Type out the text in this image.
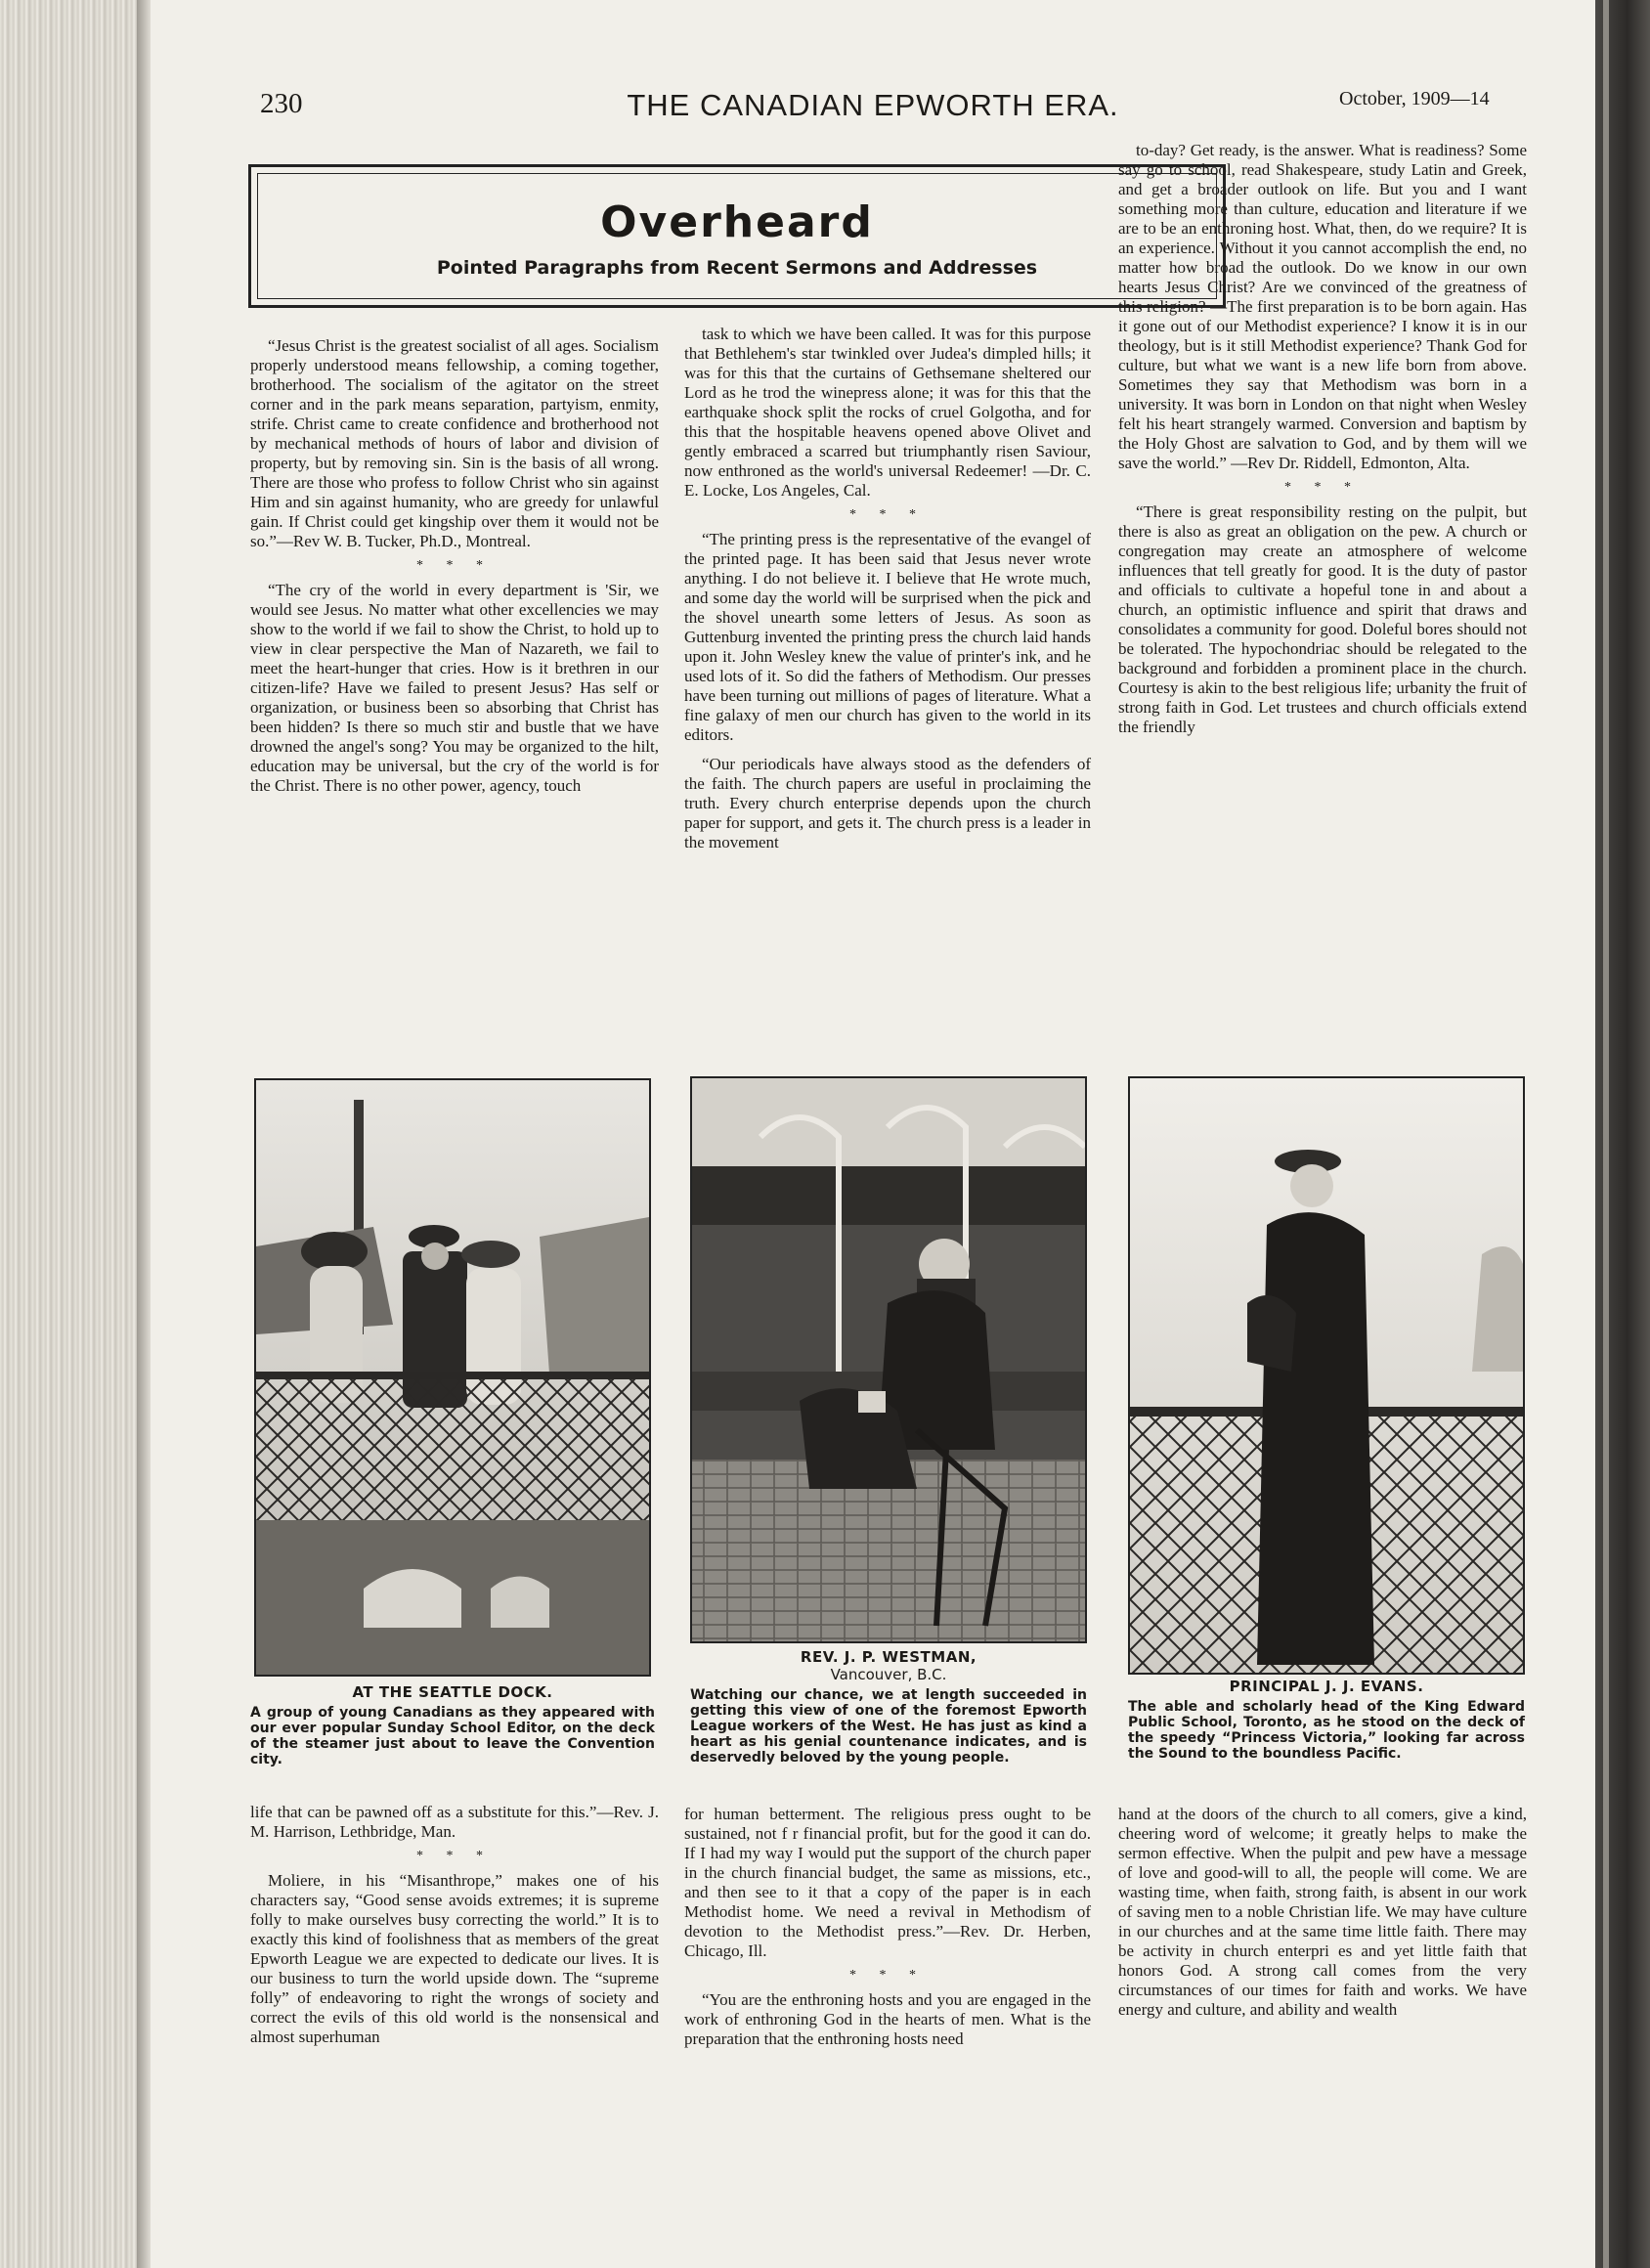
230	THE CANADIAN EPWORTH ERA.	October, 1909—14
Overheard
Pointed Paragraphs from Recent Sermons and Addresses

“Jesus Christ is the greatest socialist of all ages. Socialism properly understood means fellowship, a coming together, brotherhood. The socialism of the agitator on the street corner and in the park means separation, partyism, enmity, strife. Christ came to create confidence and brotherhood not by mechanical methods of hours of labor and division of property, but by removing sin. Sin is the basis of all wrong. There are those who profess to follow Christ who sin against Him and sin against humanity, who are greedy for unlawful gain. If Christ could get kingship over them it would not be so.”—Rev W. B. Tucker, Ph.D., Montreal.

* * *

“The cry of the world in every department is 'Sir, we would see Jesus. No matter what other excellencies we may show to the world if we fail to show the Christ, to hold up to view in clear perspective the Man of Nazareth, we fail to meet the heart-hunger that cries. How is it brethren in our citizen-life? Have we failed to present Jesus? Has self or organization, or business been so absorbing that Christ has been hidden? Is there so much stir and bustle that we have drowned the angel's song? You may be organized to the hilt, education may be universal, but the cry of the world is for the Christ. There is no other power, agency, touch

task to which we have been called. It was for this purpose that Bethlehem's star twinkled over Judea's dimpled hills; it was for this that the curtains of Gethsemane sheltered our Lord as he trod the winepress alone; it was for this that the earthquake shock split the rocks of cruel Golgotha, and for this that the hospitable heavens opened above Olivet and gently embraced a scarred but triumphantly risen Saviour, now enthroned as the world's universal Redeemer! —Dr. C. E. Locke, Los Angeles, Cal.

* * *

“The printing press is the representative of the evangel of the printed page. It has been said that Jesus never wrote anything. I do not believe it. I believe that He wrote much, and some day the world will be surprised when the pick and the shovel unearth some letters of Jesus. As soon as Guttenburg invented the printing press the church laid hands upon it. John Wesley knew the value of printer's ink, and he used lots of it. So did the fathers of Methodism. Our presses have been turning out millions of pages of literature. What a fine galaxy of men our church has given to the world in its editors.

“Our periodicals have always stood as the defenders of the faith. The church papers are useful in proclaiming the truth. Every church enterprise depends upon the church paper for support, and gets it. The church press is a leader in the movement

to-day? Get ready, is the answer. What is readiness? Some say go to school, read Shakespeare, study Latin and Greek, and get a broader outlook on life. But you and I want something more than culture, education and literature if we are to be an enthroning host. What, then, do we require? It is an experience. Without it you cannot accomplish the end, no matter how broad the outlook. Do we know in our own hearts Jesus Christ? Are we convinced of the greatness of this religion? —The first preparation is to be born again. Has it gone out of our Methodist experience? I know it is in our theology, but is it still Methodist experience? Thank God for culture, but what we want is a new life born from above. Sometimes they say that Methodism was born in a university. It was born in London on that night when Wesley felt his heart strangely warmed. Conversion and baptism by the Holy Ghost are salvation to God, and by them will we save the world.” —Rev Dr. Riddell, Edmonton, Alta.

* * *

“There is great responsibility resting on the pulpit, but there is also as great an obligation on the pew. A church or congregation may create an atmosphere of welcome influences that tell greatly for good. It is the duty of pastor and officials to cultivate a hopeful tone in and about a church, an optimistic influence and spirit that draws and consolidates a community for good. Doleful bores should not be tolerated. The hypochondriac should be relegated to the background and forbidden a prominent place in the church. Courtesy is akin to the best religious life; urbanity the fruit of strong faith in God. Let trustees and church officials extend the friendly

AT THE SEATTLE DOCK.
A group of young Canadians as they appeared with our ever popular Sunday School Editor, on the deck of the steamer just about to leave the Convention city.
REV. J. P. WESTMAN,
Vancouver, B.C.
Watching our chance, we at length succeeded in getting this view of one of the foremost Epworth League workers of the West. He has just as kind a heart as his genial countenance indicates, and is deservedly beloved by the young people.
PRINCIPAL J. J. EVANS.
The able and scholarly head of the King Edward Public School, Toronto, as he stood on the deck of the speedy “Princess Victoria,” looking far across the Sound to the boundless Pacific.

life that can be pawned off as a substitute for this.”—Rev. J. M. Harrison, Lethbridge, Man.

* * *

Moliere, in his “Misanthrope,” makes one of his characters say, “Good sense avoids extremes; it is supreme folly to make ourselves busy correcting the world.” It is to exactly this kind of foolishness that as members of the great Epworth League we are expected to dedicate our lives. It is our business to turn the world upside down. The “supreme folly” of endeavoring to right the wrongs of society and correct the evils of this old world is the nonsensical and almost superhuman

for human betterment. The religious press ought to be sustained, not f r financial profit, but for the good it can do. If I had my way I would put the support of the church paper in the church financial budget, the same as missions, etc., and then see to it that a copy of the paper is in each Methodist home. We need a revival in Methodism of devotion to the Methodist press.”—Rev. Dr. Herben, Chicago, Ill.

* * *

“You are the enthroning hosts and you are engaged in the work of enthroning God in the hearts of men. What is the preparation that the enthroning hosts need

hand at the doors of the church to all comers, give a kind, cheering word of welcome; it greatly helps to make the sermon effective. When the pulpit and pew have a message of love and good-will to all, the people will come. We are wasting time, when faith, strong faith, is absent in our work of saving men to a noble Christian life. We may have culture in our churches and at the same time little faith. There may be activity in church enterpri es and yet little faith that honors God. A strong call comes from the very circumstances of our times for faith and works. We have energy and culture, and ability and wealth
